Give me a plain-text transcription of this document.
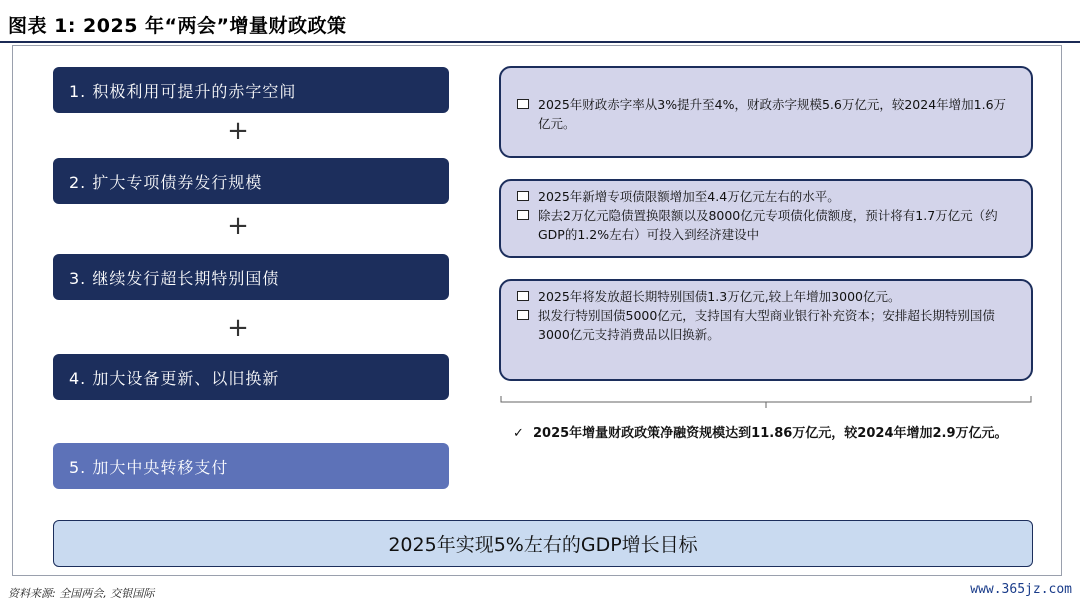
图表 1: 2025 年“两会”增量财政政策
1. 积极利用可提升的赤字空间
+
2. 扩大专项债券发行规模
+
3. 继续发行超长期特别国债
+
4. 加大设备更新、以旧换新
5. 加大中央转移支付
2025年财政赤字率从3%提升至4%，财政赤字规模5.6万亿元，较2024年增加1.6万亿元。
2025年新增专项债限额增加至4.4万亿元左右的水平。
除去2万亿元隐债置换限额以及8000亿元专项债化债额度，预计将有1.7万亿元（约GDP的1.2%左右）可投入到经济建设中
2025年将发放超长期特别国债1.3万亿元,较上年增加3000亿元。
拟发行特别国债5000亿元，支持国有大型商业银行补充资本；安排超长期特别国债3000亿元支持消费品以旧换新。
✓ 2025年增量财政政策净融资规模达到11.86万亿元，较2024年增加2.9万亿元。
2025年实现5%左右的GDP增长目标
资料来源: 全国两会, 交银国际	www.365jz.com
